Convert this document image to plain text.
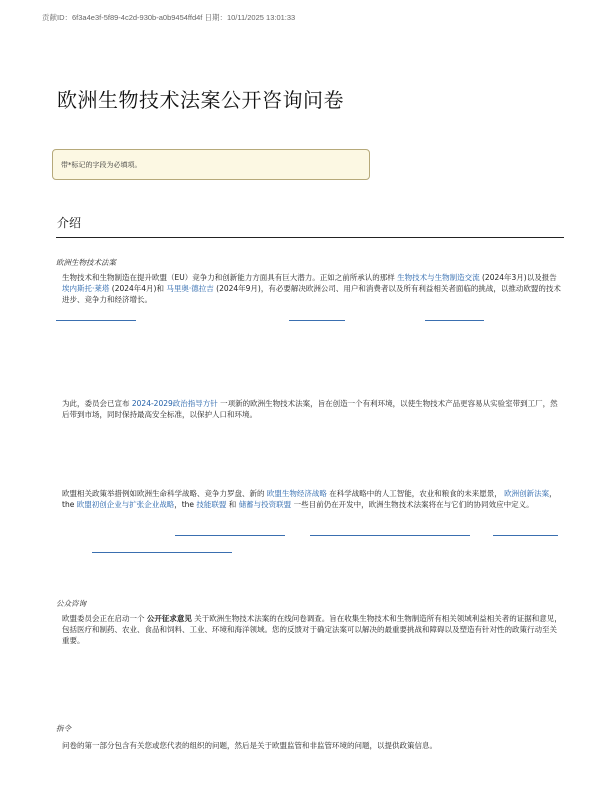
贡献ID：6f3a4e3f-5f89-4c2d-930b-a0b9454ffd4f 日期：10/11/2025 13:01:33
欧洲生物技术法案公开咨询问卷
带*标记的字段为必填项。
介绍
欧洲生物技术法案

生物技术和生物制造在提升欧盟（EU）竞争力和创新能力方面具有巨大潜力。正如之前所承认的那样 生物技术与生物制造交流 (2024年3月)以及报告 埃内斯托·莱塔 (2024年4月)和 马里奥·德拉吉 (2024年9月)，有必要解决欧洲公司、用户和消费者以及所有利益相关者面临的挑战，以推动欧盟的技术进步、竞争力和经济增长。

为此，委员会已宣布 2024-2029政治指导方针 一项新的欧洲生物技术法案，旨在创造一个有利环境，以使生物技术产品更容易从实验室带到工厂，然后带到市场，同时保持最高安全标准，以保护人口和环境。

欧盟相关政策举措例如欧洲生命科学战略、竞争力罗盘、新的 欧盟生物经济战略 在科学战略中的人工智能，农业和粮食的未来愿景， 欧洲创新法案，the 欧盟初创企业与扩张企业战略，the 技能联盟 和 储蓄与投资联盟 一些目前仍在开发中，欧洲生物技术法案将在与它们的协同效应中定义。

公众咨询

欧盟委员会正在启动一个 公开征求意见 关于欧洲生物技术法案的在线问卷调查。旨在收集生物技术和生物制造所有相关领域利益相关者的证据和意见，包括医疗和制药、农业、食品和饲料、工业、环境和海洋领域。您的反馈对于确定法案可以解决的最重要挑战和障碍以及塑造有针对性的政策行动至关重要。

指令

问卷的第一部分包含有关您或您代表的组织的问题，然后是关于欧盟监管和非监管环境的问题，以提供政策信息。
